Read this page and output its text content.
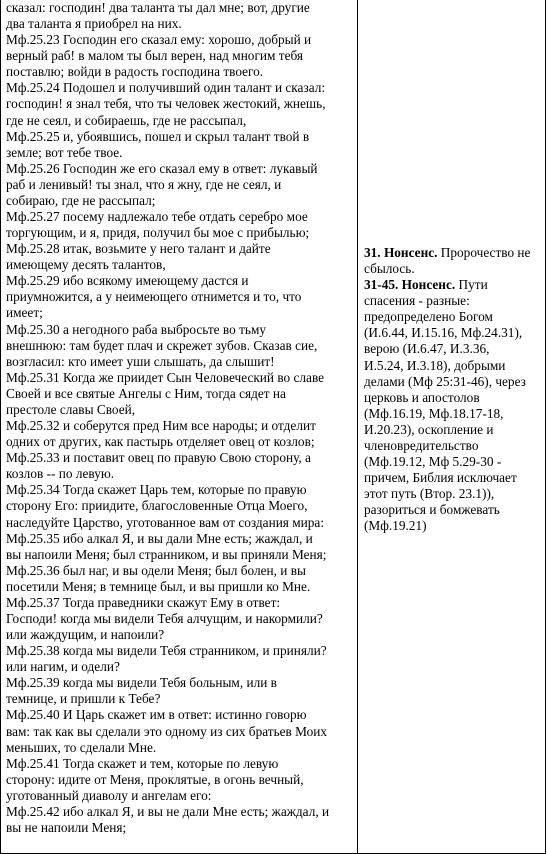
сказал: господин! два таланта ты дал мне; вот, другие
два таланта я приобрел на них.
Мф.25.23 Господин его сказал ему: хорошо, добрый и
верный раб! в малом ты был верен, над многим тебя
поставлю; войди в радость господина твоего.
Мф.25.24 Подошел и получивший один талант и сказал:
господин! я знал тебя, что ты человек жестокий, жнешь,
где не сеял, и собираешь, где не рассыпал,
Мф.25.25 и, убоявшись, пошел и скрыл талант твой в
земле; вот тебе твое.
Мф.25.26 Господин же его сказал ему в ответ: лукавый
раб и ленивый! ты знал, что я жну, где не сеял, и
собираю, где не рассыпал;
Мф.25.27 посему надлежало тебе отдать серебро мое
торгующим, и я, придя, получил бы мое с прибылью;
Мф.25.28 итак, возьмите у него талант и дайте
имеющему десять талантов,
Мф.25.29 ибо всякому имеющему дастся и
приумножится, а у неимеющего отнимется и то, что
имеет;
Мф.25.30 а негодного раба выбросьте во тьму
внешнюю: там будет плач и скрежет зубов. Сказав сие,
возгласил: кто имеет уши слышать, да слышит!
Мф.25.31 Когда же приидет Сын Человеческий во славе
Своей и все святые Ангелы с Ним, тогда сядет на
престоле славы Своей,
Мф.25.32 и соберутся пред Ним все народы; и отделит
одних от других, как пастырь отделяет овец от козлов;
Мф.25.33 и поставит овец по правую Свою сторону, а
козлов -- по левую.
Мф.25.34 Тогда скажет Царь тем, которые по правую
сторону Его: приидите, благословенные Отца Моего,
наследуйте Царство, уготованное вам от создания мира:
Мф.25.35 ибо алкал Я, и вы дали Мне есть; жаждал, и
вы напоили Меня; был странником, и вы приняли Меня;
Мф.25.36 был наг, и вы одели Меня; был болен, и вы
посетили Меня; в темнице был, и вы пришли ко Мне.
Мф.25.37 Тогда праведники скажут Ему в ответ:
Господи! когда мы видели Тебя алчущим, и накормили?
или жаждущим, и напоили?
Мф.25.38 когда мы видели Тебя странником, и приняли?
или нагим, и одели?
Мф.25.39 когда мы видели Тебя больным, или в
темнице, и пришли к Тебе?
Мф.25.40 И Царь скажет им в ответ: истинно говорю
вам: так как вы сделали это одному из сих братьев Моих
меньших, то сделали Мне.
Мф.25.41 Тогда скажет и тем, которые по левую
сторону: идите от Меня, проклятые, в огонь вечный,
уготованный диаволу и ангелам его:
Мф.25.42 ибо алкал Я, и вы не дали Мне есть; жаждал, и
вы не напоили Меня;
31. Нонсенс. Пророчество не
сбылось.
31-45. Нонсенс. Пути
спасения - разные:
предопределено Богом
(И.6.44, И.15.16, Мф.24.31),
верою (И.6.47, И.3.36,
И.5.24, И.3.18), добрыми
делами (Мф 25:31-46), через
церковь и апостолов
(Мф.16.19, Мф.18.17-18,
И.20.23), оскопление и
членовредительство
(Мф.19.12, Мф 5.29-30 -
причем, Библия исключает
этот путь (Втор. 23.1)),
разориться и бомжевать
(Мф.19.21)
